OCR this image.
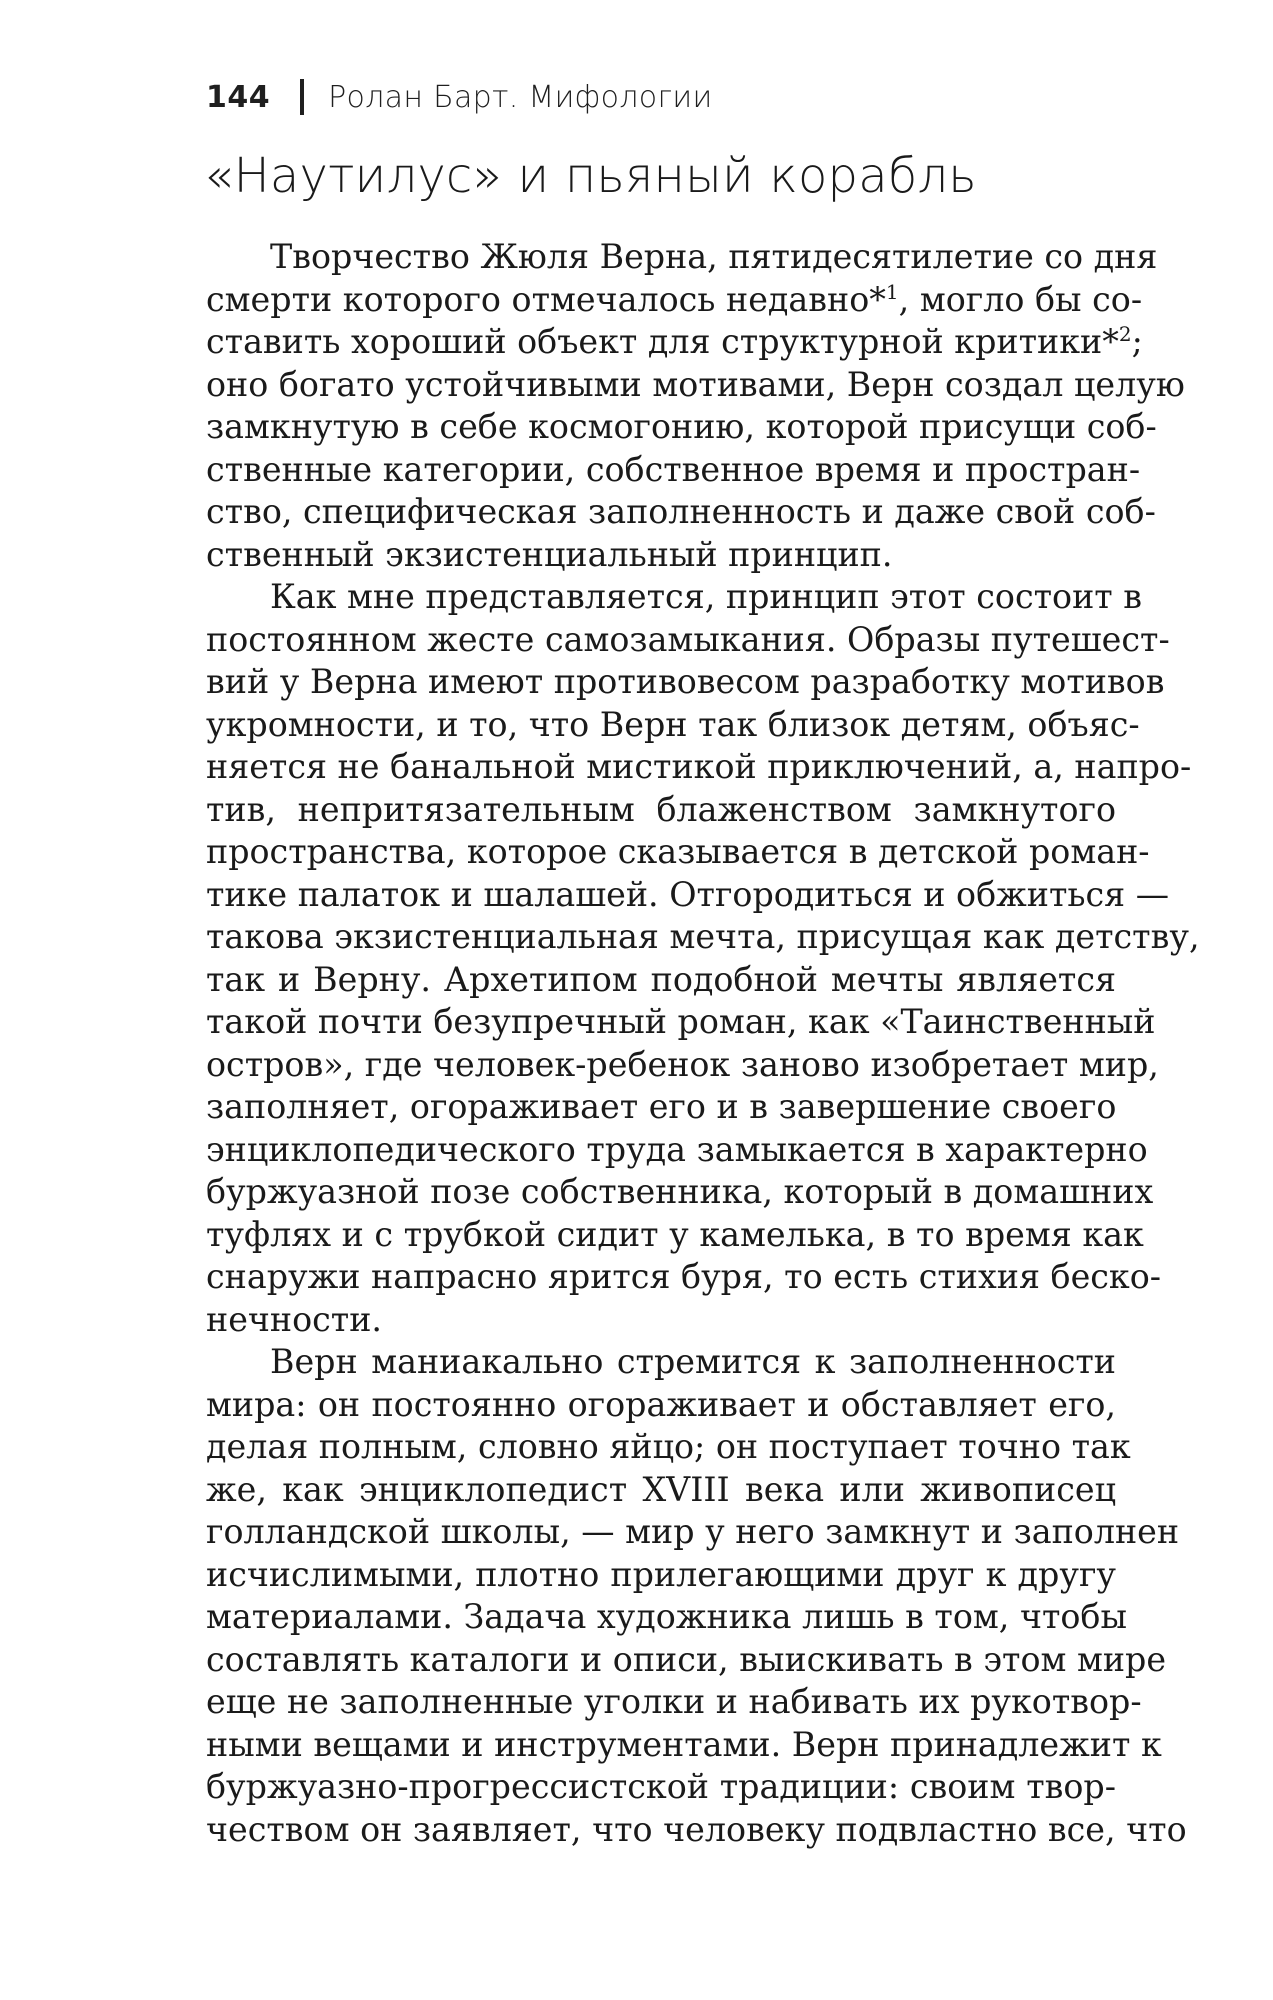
144 Ролан Барт. Мифологии
«Наутилус» и пьяный корабль
Творчество Жюля Верна, пятидесятилетие со дня
смерти которого отмечалось недавно*$^1$, могло бы со-
ставить хороший объект для структурной критики*$^2$;
оно богато устойчивыми мотивами, Верн создал целую
замкнутую в себе космогонию, которой присущи соб-
ственные категории, собственное время и простран-
ство, специфическая заполненность и даже свой соб-
ственный экзистенциальный принцип.
Как мне представляется, принцип этот состоит в
постоянном жесте самозамыкания. Образы путешест-
вий у Верна имеют противовесом разработку мотивов
укромности, и то, что Верн так близок детям, объяс-
няется не банальной мистикой приключений, а, напро-
тив, непритязательным блаженством замкнутого
пространства, которое сказывается в детской роман-
тике палаток и шалашей. Отгородиться и обжиться —
такова экзистенциальная мечта, присущая как детству,
так и Верну. Архетипом подобной мечты является
такой почти безупречный роман, как «Таинственный
остров», где человек-ребенок заново изобретает мир,
заполняет, огораживает его и в завершение своего
энциклопедического труда замыкается в характерно
буржуазной позе собственника, который в домашних
туфлях и с трубкой сидит у камелька, в то время как
снаружи напрасно ярится буря, то есть стихия беско-
нечности.
Верн маниакально стремится к заполненности
мира: он постоянно огораживает и обставляет его,
делая полным, словно яйцо; он поступает точно так
же, как энциклопедист XVIII века или живописец
голландской школы, — мир у него замкнут и заполнен
исчислимыми, плотно прилегающими друг к другу
материалами. Задача художника лишь в том, чтобы
составлять каталоги и описи, выискивать в этом мире
еще не заполненные уголки и набивать их рукотвор-
ными вещами и инструментами. Верн принадлежит к
буржуазно-прогрессистской традиции: своим твор-
чеством он заявляет, что человеку подвластно все, что
